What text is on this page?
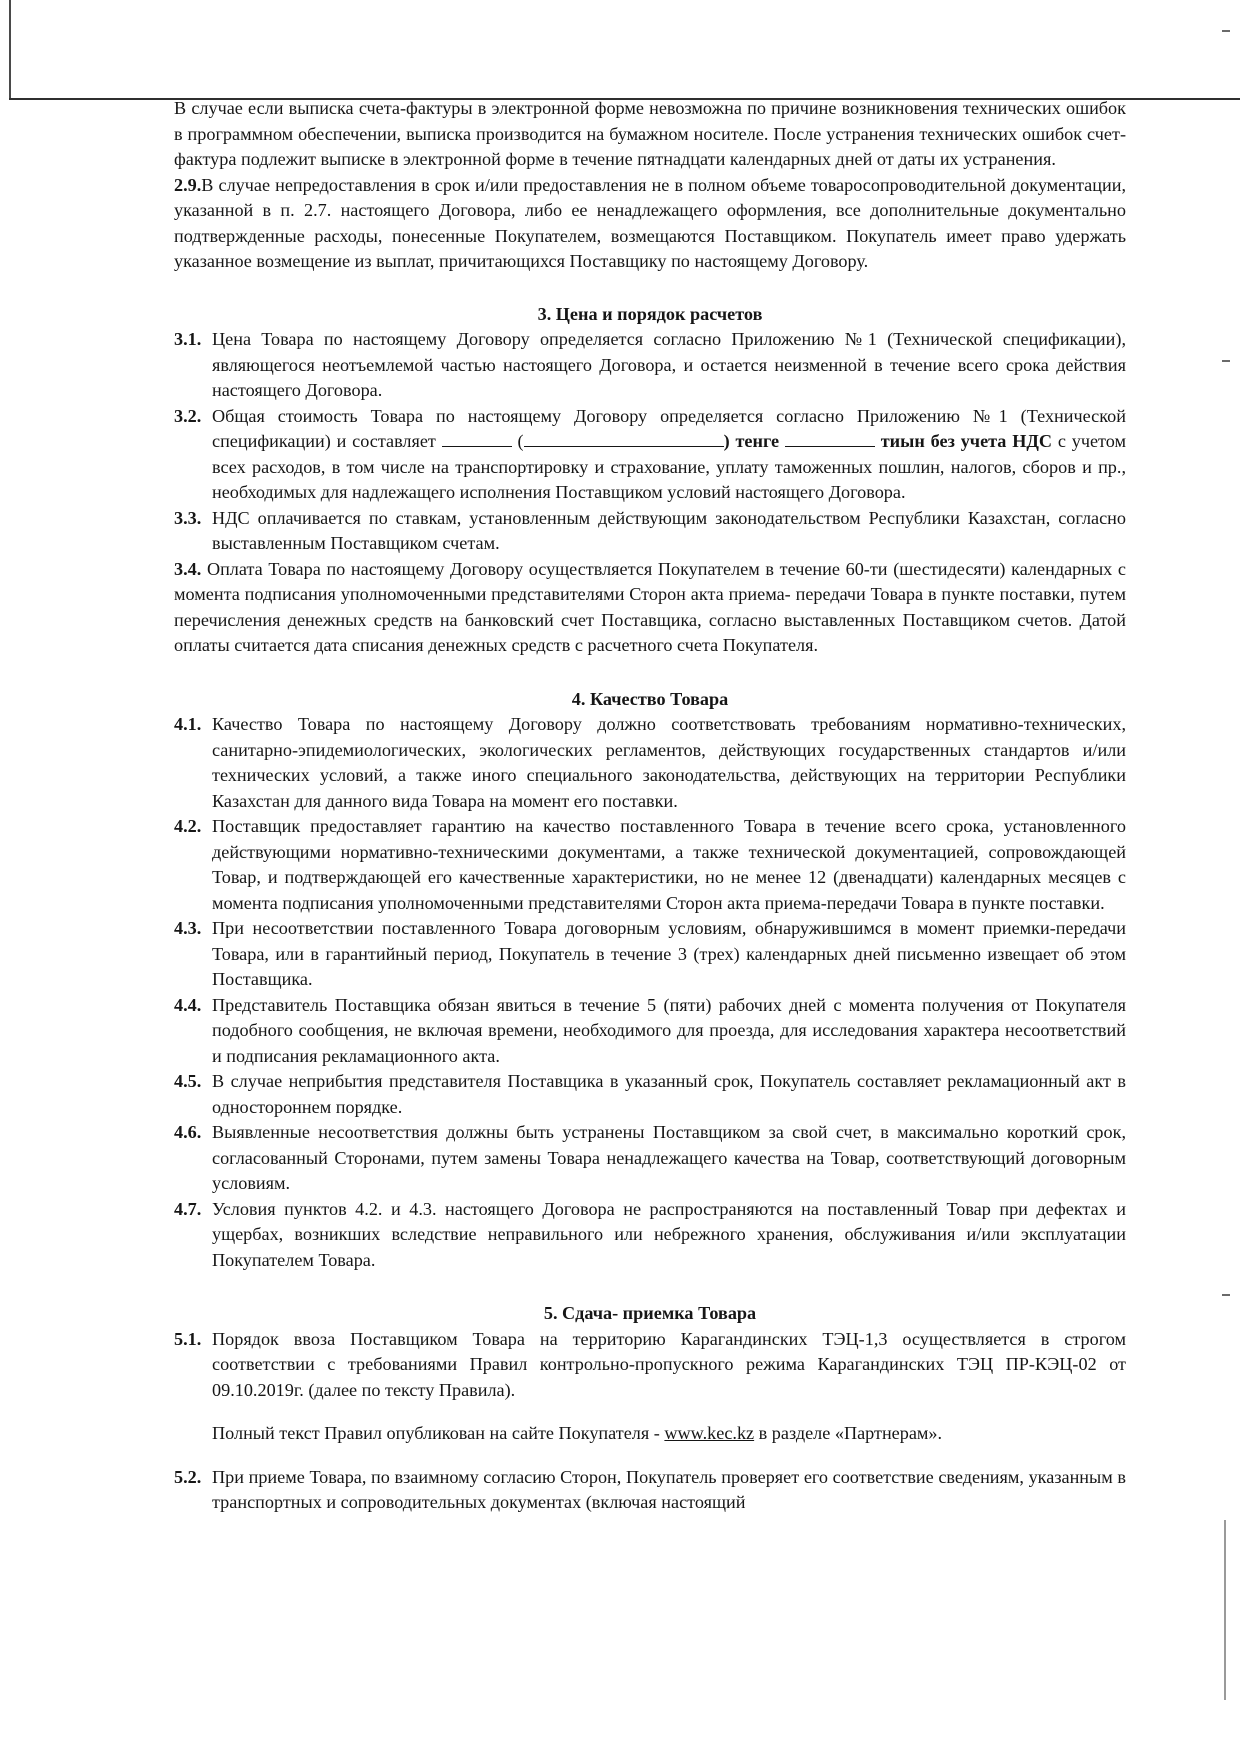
В случае если выписка счета-фактуры в электронной форме невозможна по причине возникновения технических ошибок в программном обеспечении, выписка производится на бумажном носителе. После устранения технических ошибок счет-фактура подлежит выписке в электронной форме в течение пятнадцати календарных дней от даты их устранения.

2.9.В случае непредоставления в срок и/или предоставления не в полном объеме товаросопроводительной документации, указанной в п. 2.7. настоящего Договора, либо ее ненадлежащего оформления, все дополнительные документально подтвержденные расходы, понесенные Покупателем, возмещаются Поставщиком. Покупатель имеет право удержать указанное возмещение из выплат, причитающихся Поставщику по настоящему Договору.

3. Цена и порядок расчетов

3.1. Цена Товара по настоящему Договору определяется согласно Приложению №1 (Технической спецификации), являющегося неотъемлемой частью настоящего Договора, и остается неизменной в течение всего срока действия настоящего Договора.
3.2. Общая стоимость Товара по настоящему Договору определяется согласно Приложению №1 (Технической спецификации) и составляет	(	) тенге	тиын без учета НДС с учетом всех расходов, в том числе на транспортировку и страхование, уплату таможенных пошлин, налогов, сборов и пр., необходимых для надлежащего исполнения Поставщиком условий настоящего Договора.
3.3. НДС оплачивается по ставкам, установленным действующим законодательством Республики Казахстан, согласно выставленным Поставщиком счетам.

3.4. Оплата Товара по настоящему Договору осуществляется Покупателем в течение 60-ти (шестидесяти) календарных с момента подписания уполномоченными представителями Сторон акта приема- передачи Товара в пункте поставки, путем перечисления денежных средств на банковский счет Поставщика, согласно выставленных Поставщиком счетов. Датой оплаты считается дата списания денежных средств с расчетного счета Покупателя.

4. Качество Товара

4.1. Качество Товара по настоящему Договору должно соответствовать требованиям нормативно-технических, санитарно-эпидемиологических, экологических регламентов, действующих государственных стандартов и/или технических условий, а также иного специального законодательства, действующих на территории Республики Казахстан для данного вида Товара на момент его поставки.
4.2. Поставщик предоставляет гарантию на качество поставленного Товара в течение всего срока, установленного действующими нормативно-техническими документами, а также технической документацией, сопровождающей Товар, и подтверждающей его качественные характеристики, но не менее 12 (двенадцати) календарных месяцев с момента подписания уполномоченными представителями Сторон акта приема-передачи Товара в пункте поставки.
4.3. При несоответствии поставленного Товара договорным условиям, обнаружившимся в момент приемки-передачи Товара, или в гарантийный период, Покупатель в течение 3 (трех) календарных дней письменно извещает об этом Поставщика.
4.4. Представитель Поставщика обязан явиться в течение 5 (пяти) рабочих дней с момента получения от Покупателя подобного сообщения, не включая времени, необходимого для проезда, для исследования характера несоответствий и подписания рекламационного акта.
4.5. В случае неприбытия представителя Поставщика в указанный срок, Покупатель составляет рекламационный акт в одностороннем порядке.
4.6. Выявленные несоответствия должны быть устранены Поставщиком за свой счет, в максимально короткий срок, согласованный Сторонами, путем замены Товара ненадлежащего качества на Товар, соответствующий договорным условиям.
4.7. Условия пунктов 4.2. и 4.3. настоящего Договора не распространяются на поставленный Товар при дефектах и ущербах, возникших вследствие неправильного или небрежного хранения, обслуживания и/или эксплуатации Покупателем Товара.

5. Сдача- приемка Товара

5.1. Порядок ввоза Поставщиком Товара на территорию Карагандинских ТЭЦ-1,3 осуществляется в строгом соответствии с требованиями Правил контрольно-пропускного режима Карагандинских ТЭЦ ПР-КЭЦ-02 от 09.10.2019г. (далее по тексту Правила).

Полный текст Правил опубликован на сайте Покупателя - www.kec.kz в разделе «Партнерам».

5.2. При приеме Товара, по взаимному согласию Сторон, Покупатель проверяет его соответствие сведениям, указанным в транспортных и сопроводительных документах (включая настоящий
